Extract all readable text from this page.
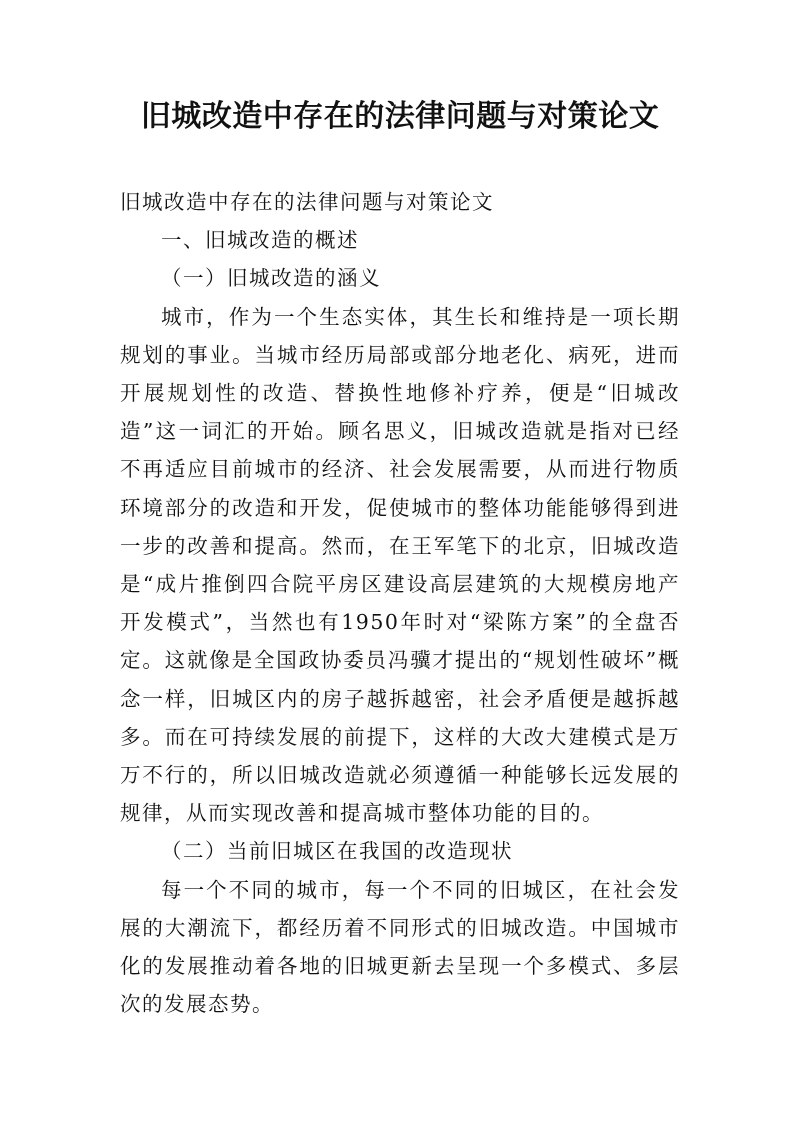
旧城改造中存在的法律问题与对策论文

旧城改造中存在的法律问题与对策论文

一、旧城改造的概述

（一）旧城改造的涵义

城市，作为一个生态实体，其生长和维持是一项长期规划的事业。当城市经历局部或部分地老化、病死，进而开展规划性的改造、替换性地修补疗养，便是“旧城改造”这一词汇的开始。顾名思义，旧城改造就是指对已经不再适应目前城市的经济、社会发展需要，从而进行物质环境部分的改造和开发，促使城市的整体功能能够得到进一步的改善和提高。然而，在王军笔下的北京，旧城改造是“成片推倒四合院平房区建设高层建筑的大规模房地产开发模式”，当然也有1950年时对“梁陈方案”的全盘否定。这就像是全国政协委员冯骥才提出的“规划性破坏”概念一样，旧城区内的房子越拆越密，社会矛盾便是越拆越多。而在可持续发展的前提下，这样的大改大建模式是万万不行的，所以旧城改造就必须遵循一种能够长远发展的规律，从而实现改善和提高城市整体功能的目的。

（二）当前旧城区在我国的改造现状

每一个不同的城市，每一个不同的旧城区，在社会发展的大潮流下，都经历着不同形式的旧城改造。中国城市化的发展推动着各地的旧城更新去呈现一个多模式、多层次的发展态势。
